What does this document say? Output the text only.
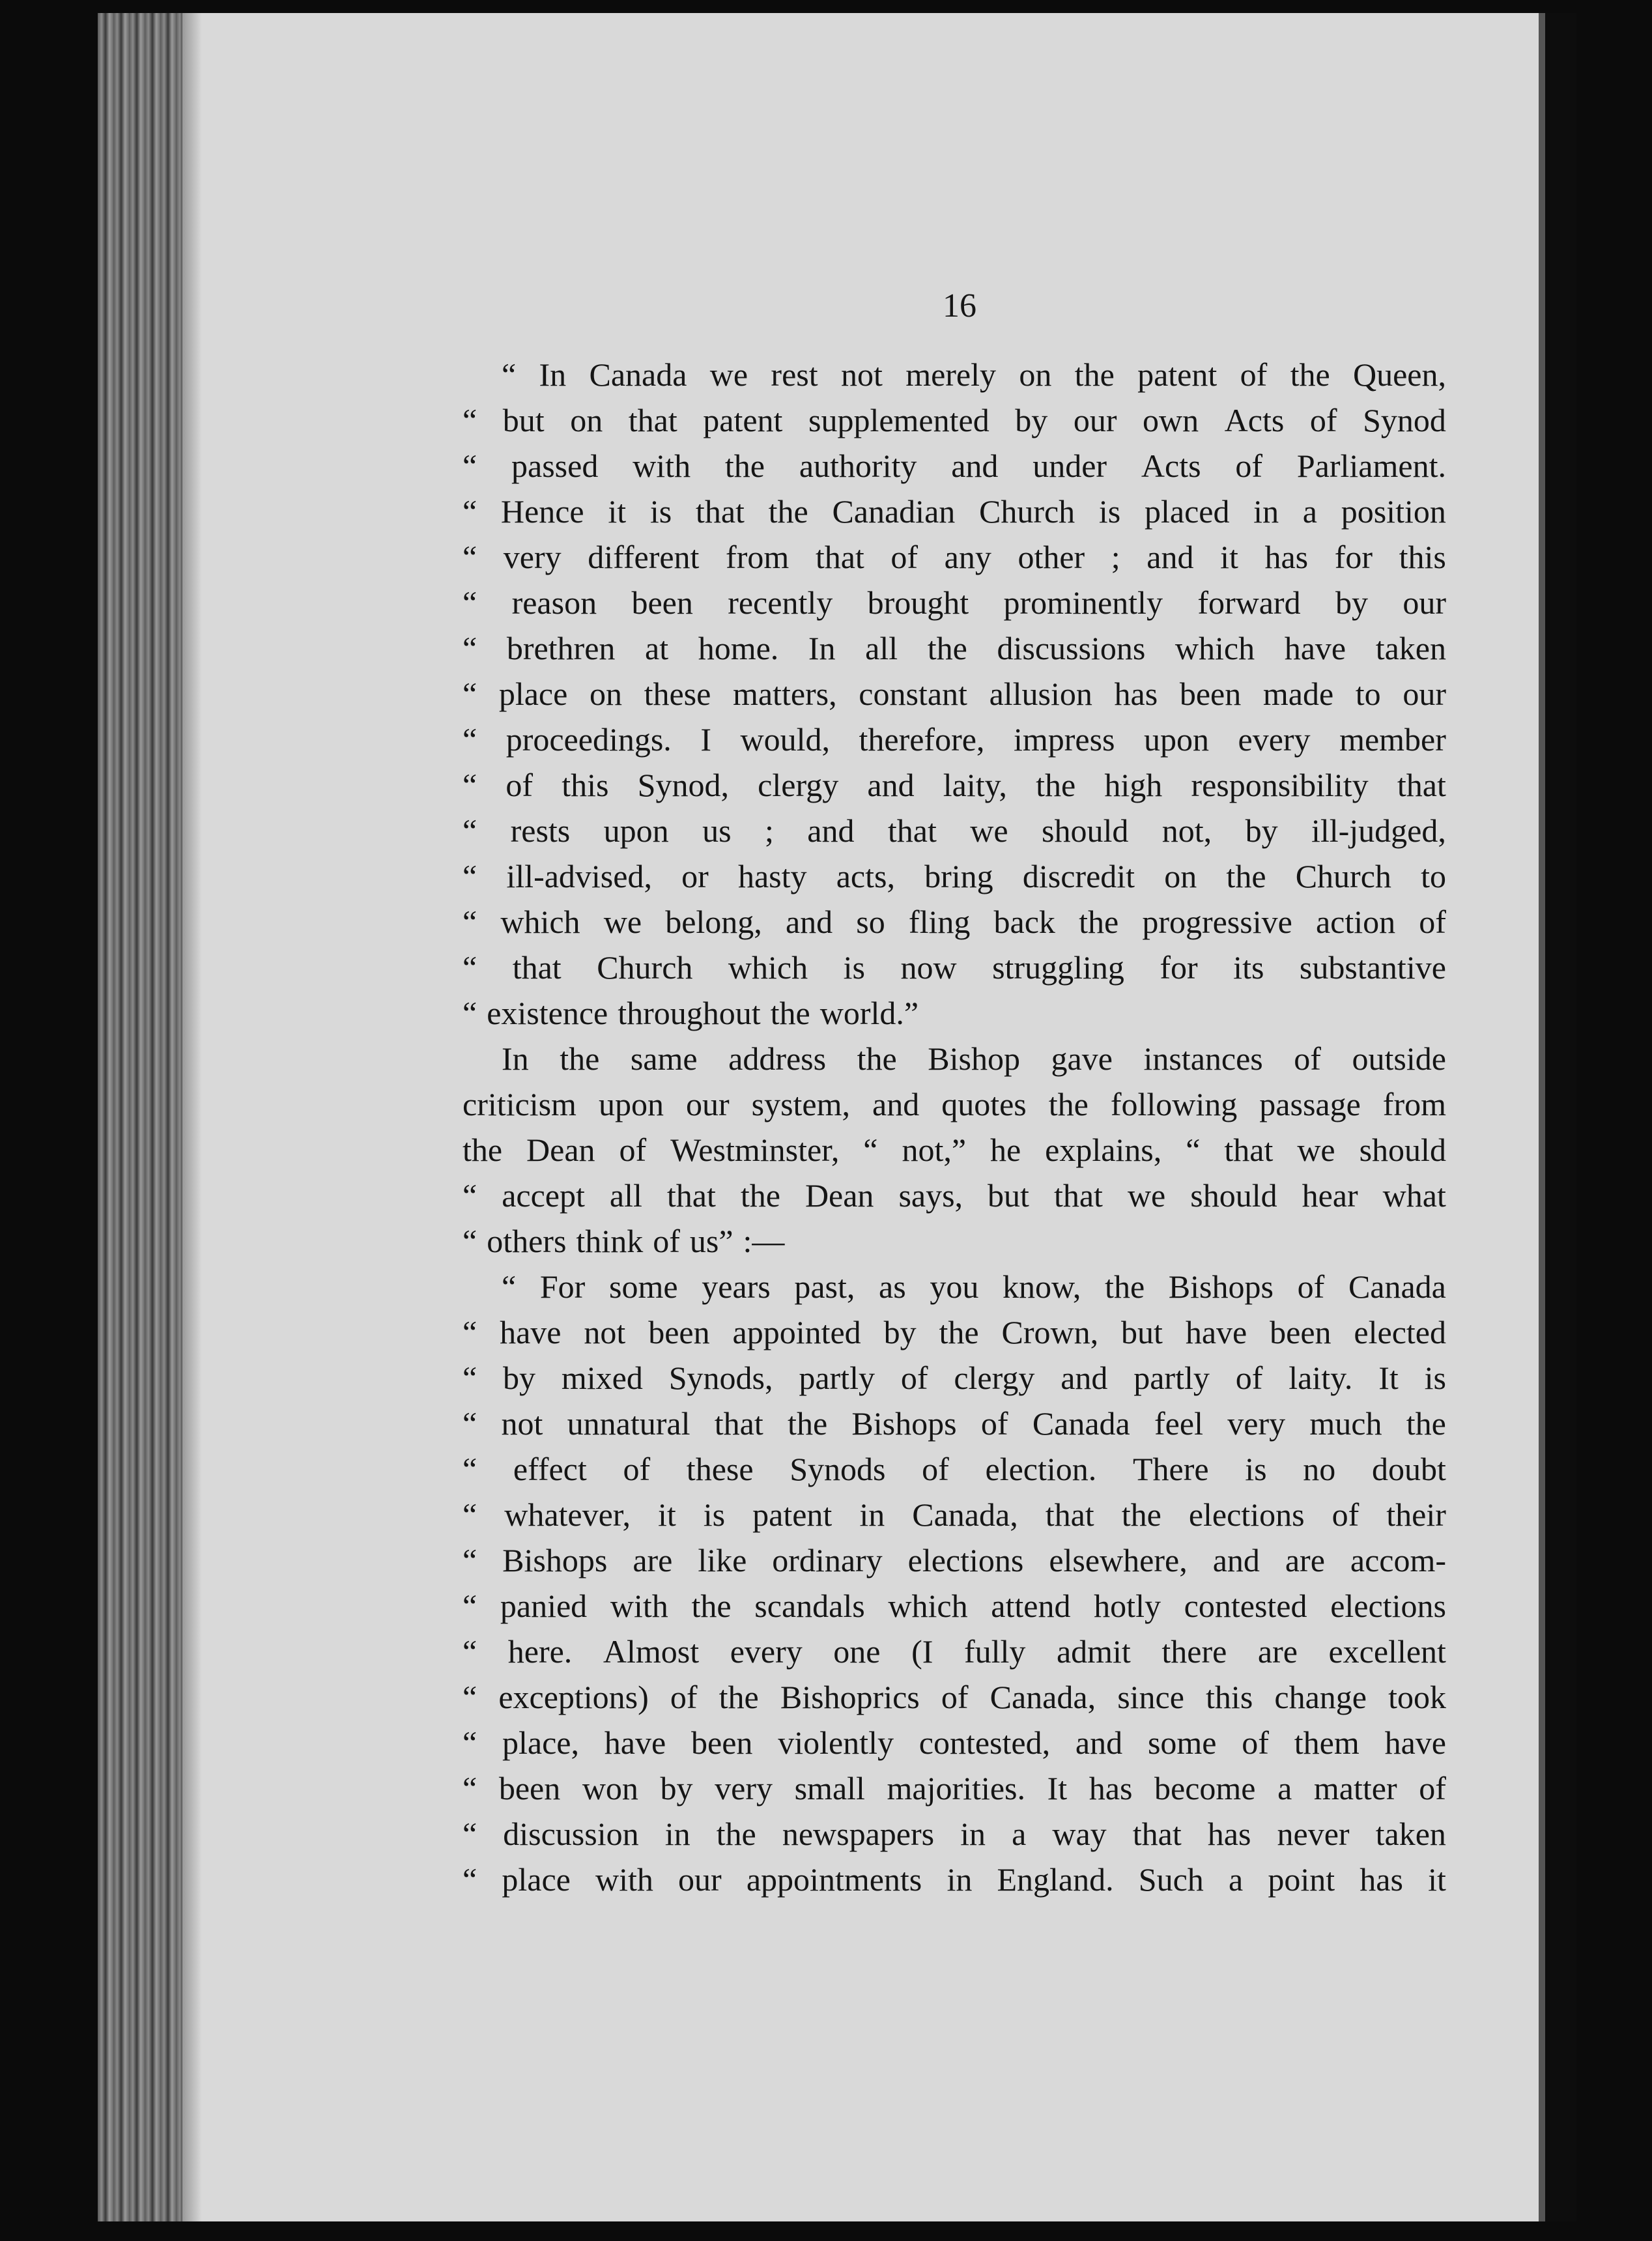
16
“ In Canada we rest not merely on the patent of the Queen,
“ but on that patent supplemented by our own Acts of Synod
“ passed with the authority and under Acts of Parliament.
“ Hence it is that the Canadian Church is placed in a position
“ very different from that of any other ; and it has for this
“ reason been recently brought prominently forward by our
“ brethren at home. In all the discussions which have taken
“ place on these matters, constant allusion has been made to our
“ proceedings. I would, therefore, impress upon every member
“ of this Synod, clergy and laity, the high responsibility that
“ rests upon us ; and that we should not, by ill-judged,
“ ill-advised, or hasty acts, bring discredit on the Church to
“ which we belong, and so fling back the progressive action of
“ that Church which is now struggling for its substantive
“ existence throughout the world.”
In the same address the Bishop gave instances of outside
criticism upon our system, and quotes the following passage from
the Dean of Westminster, “ not,” he explains, “ that we should
“ accept all that the Dean says, but that we should hear what
“ others think of us” :—
“ For some years past, as you know, the Bishops of Canada
“ have not been appointed by the Crown, but have been elected
“ by mixed Synods, partly of clergy and partly of laity. It is
“ not unnatural that the Bishops of Canada feel very much the
“ effect of these Synods of election. There is no doubt
“ whatever, it is patent in Canada, that the elections of their
“ Bishops are like ordinary elections elsewhere, and are accom-
“ panied with the scandals which attend hotly contested elections
“ here. Almost every one (I fully admit there are excellent
“ exceptions) of the Bishoprics of Canada, since this change took
“ place, have been violently contested, and some of them have
“ been won by very small majorities. It has become a matter of
“ discussion in the newspapers in a way that has never taken
“ place with our appointments in England. Such a point has it
